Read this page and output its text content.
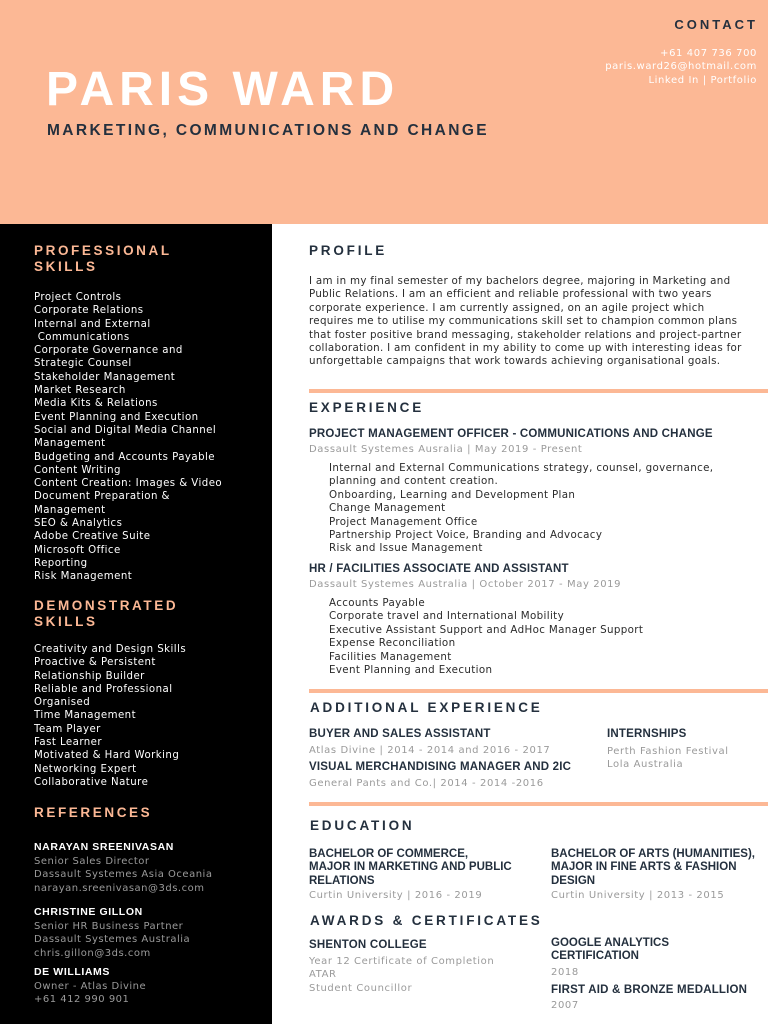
PARIS WARD
MARKETING, COMMUNICATIONS AND CHANGE
CONTACT
+61 407 736 700
paris.ward26@hotmail.com
Linked In | Portfolio
PROFESSIONAL
SKILLS
Project Controls
Corporate Relations
Internal and External
Communications
Corporate Governance and
Strategic Counsel
Stakeholder Management
Market Research
Media Kits & Relations
Event Planning and Execution
Social and Digital Media Channel
Management
Budgeting and Accounts Payable
Content Writing
Content Creation: Images & Video
Document Preparation &
Management
SEO & Analytics
Adobe Creative Suite
Microsoft Office
Reporting
Risk Management
DEMONSTRATED
SKILLS
Creativity and Design Skills
Proactive & Persistent
Relationship Builder
Reliable and Professional
Organised
Time Management
Team Player
Fast Learner
Motivated & Hard Working
Networking Expert
Collaborative Nature
REFERENCES
NARAYAN SREENIVASAN
Senior Sales Director
Dassault Systemes Asia Oceania
narayan.sreenivasan@3ds.com
CHRISTINE GILLON
Senior HR Business Partner
Dassault Systemes Australia
chris.gillon@3ds.com
DE WILLIAMS
Owner - Atlas Divine
+61 412 990 901
PROFILE
I am in my final semester of my bachelors degree, majoring in Marketing and Public Relations. I am an efficient and reliable professional with two years corporate experience. I am currently assigned, on an agile project which requires me to utilise my communications skill set to champion common plans that foster positive brand messaging, stakeholder relations and project-partner collaboration. I am confident in my ability to come up with interesting ideas for unforgettable campaigns that work towards achieving organisational goals.
EXPERIENCE
PROJECT MANAGEMENT OFFICER - COMMUNICATIONS AND CHANGE
Dassault Systemes Ausralia | May 2019 - Present
Internal and External Communications strategy, counsel, governance,
planning and content creation.
Onboarding, Learning and Development Plan
Change Management
Project Management Office
Partnership Project Voice, Branding and Advocacy
Risk and Issue Management
HR / FACILITIES ASSOCIATE AND ASSISTANT
Dassault Systemes Australia | October 2017 - May 2019
Accounts Payable
Corporate travel and International Mobility
Executive Assistant Support and AdHoc Manager Support
Expense Reconciliation
Facilities Management
Event Planning and Execution
ADDITIONAL EXPERIENCE
BUYER AND SALES ASSISTANT
Atlas Divine | 2014 - 2014 and 2016 - 2017
VISUAL MERCHANDISING MANAGER AND 2IC
General Pants and Co.| 2014 - 2014 -2016
INTERNSHIPS
Perth Fashion Festival
Lola Australia
EDUCATION
BACHELOR OF COMMERCE,
MAJOR IN MARKETING AND PUBLIC
RELATIONS
Curtin University | 2016 - 2019
BACHELOR OF ARTS (HUMANITIES),
MAJOR IN FINE ARTS & FASHION
DESIGN
Curtin University | 2013 - 2015
AWARDS & CERTIFICATES
SHENTON COLLEGE
Year 12 Certificate of Completion
ATAR
Student Councillor
GOOGLE ANALYTICS
CERTIFICATION
2018
FIRST AID & BRONZE MEDALLION
2007
